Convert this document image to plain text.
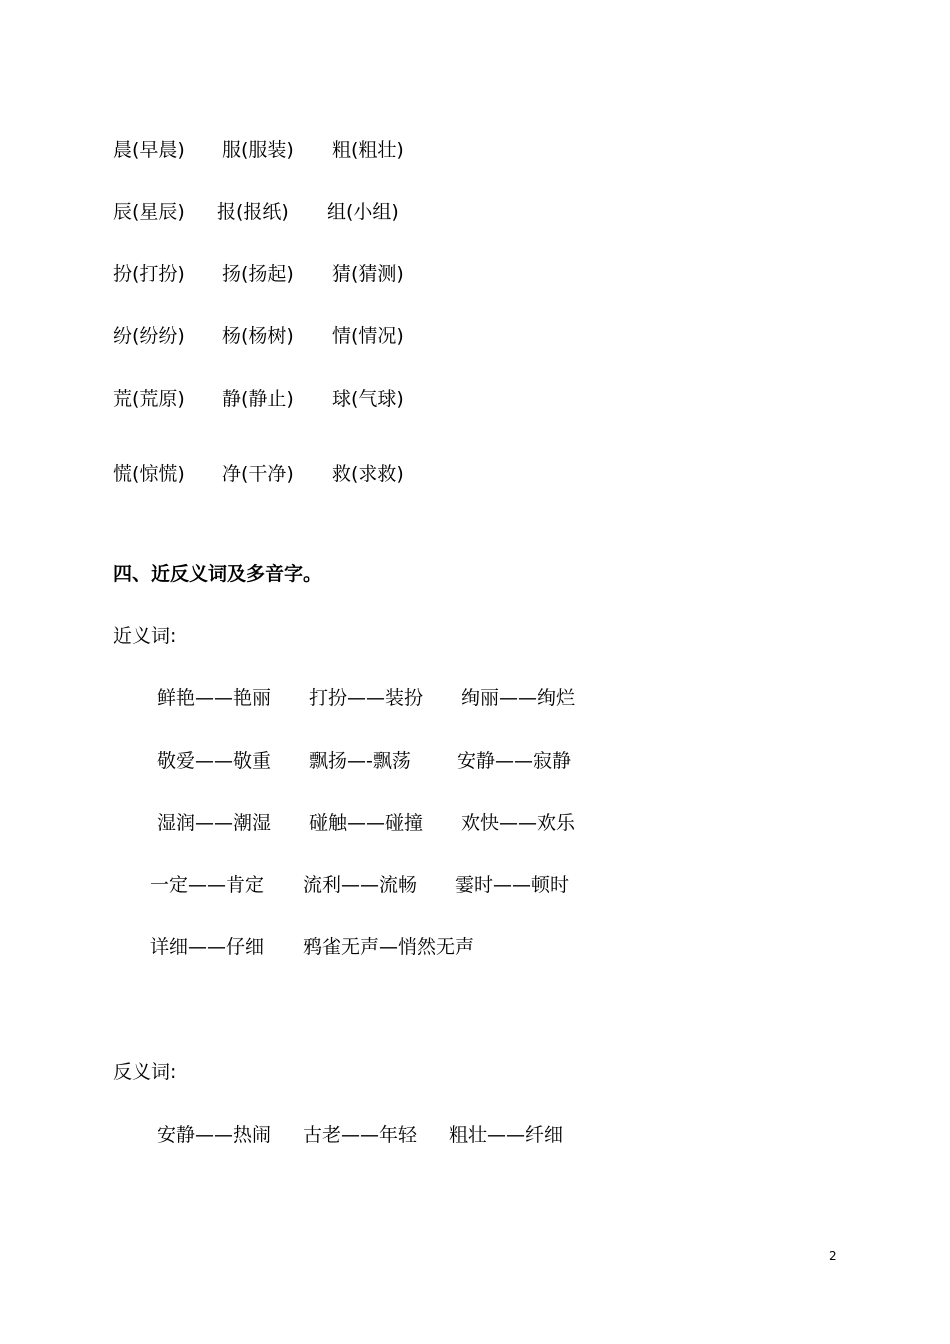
晨(早晨) 服(服装) 粗(粗壮)
辰(星辰) 报(报纸) 组(小组)
扮(打扮) 扬(扬起) 猜(猜测)
纷(纷纷) 杨(杨树) 情(情况)
荒(荒原) 静(静止) 球(气球)
慌(惊慌) 净(干净) 救(求救)
四、近反义词及多音字。
近义词:
鲜艳——艳丽 打扮——装扮 绚丽——绚烂
敬爱——敬重 飘扬—-飘荡 安静——寂静
湿润——潮湿 碰触——碰撞 欢快——欢乐
一定——肯定 流利——流畅 霎时——顿时
详细——仔细 鸦雀无声—悄然无声
反义词:
安静——热闹 古老——年轻 粗壮——纤细
2
